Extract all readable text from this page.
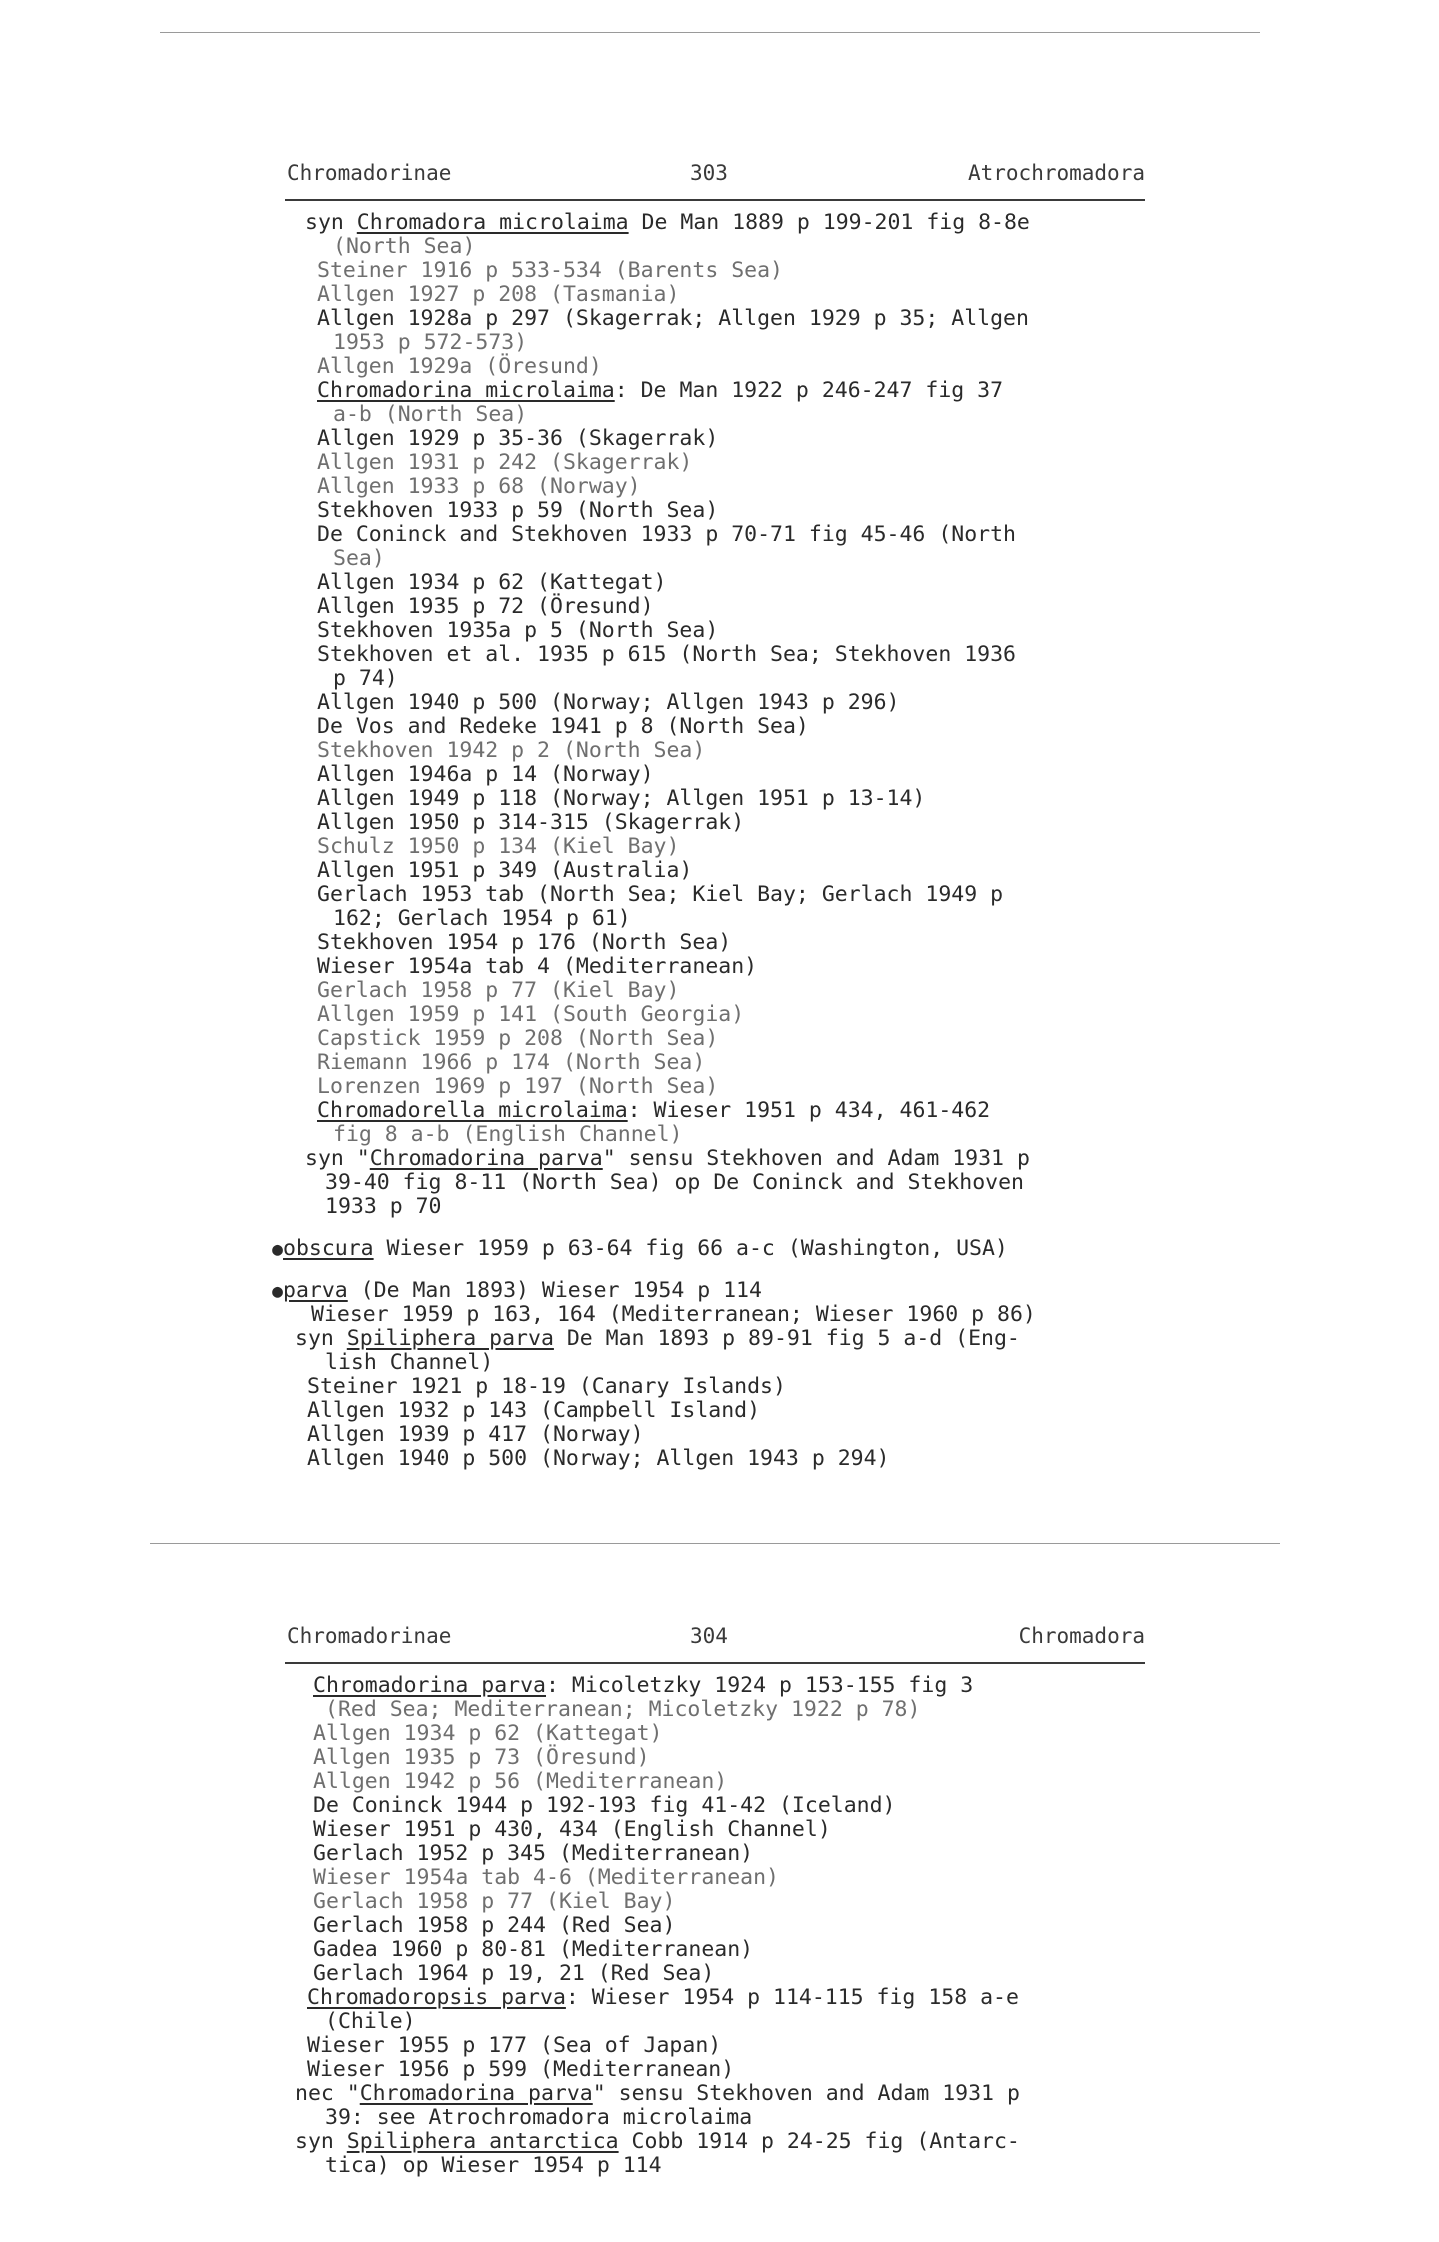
Chromadorinae	303	Atrochromadora
syn Chromadora microlaima De Man 1889 p 199-201 fig 8-8e
(North Sea)
Steiner 1916 p 533-534 (Barents Sea)
Allgen 1927 p 208 (Tasmania)
Allgen 1928a p 297 (Skagerrak; Allgen 1929 p 35; Allgen
1953 p 572-573)
Allgen 1929a (Öresund)
Chromadorina microlaima: De Man 1922 p 246-247 fig 37
a-b (North Sea)
Allgen 1929 p 35-36 (Skagerrak)
Allgen 1931 p 242 (Skagerrak)
Allgen 1933 p 68 (Norway)
Stekhoven 1933 p 59 (North Sea)
De Coninck and Stekhoven 1933 p 70-71 fig 45-46 (North
Sea)
Allgen 1934 p 62 (Kattegat)
Allgen 1935 p 72 (Öresund)
Stekhoven 1935a p 5 (North Sea)
Stekhoven et al. 1935 p 615 (North Sea; Stekhoven 1936
p 74)
Allgen 1940 p 500 (Norway; Allgen 1943 p 296)
De Vos and Redeke 1941 p 8 (North Sea)
Stekhoven 1942 p 2 (North Sea)
Allgen 1946a p 14 (Norway)
Allgen 1949 p 118 (Norway; Allgen 1951 p 13-14)
Allgen 1950 p 314-315 (Skagerrak)
Schulz 1950 p 134 (Kiel Bay)
Allgen 1951 p 349 (Australia)
Gerlach 1953 tab (North Sea; Kiel Bay; Gerlach 1949 p
162; Gerlach 1954 p 61)
Stekhoven 1954 p 176 (North Sea)
Wieser 1954a tab 4 (Mediterranean)
Gerlach 1958 p 77 (Kiel Bay)
Allgen 1959 p 141 (South Georgia)
Capstick 1959 p 208 (North Sea)
Riemann 1966 p 174 (North Sea)
Lorenzen 1969 p 197 (North Sea)
Chromadorella microlaima: Wieser 1951 p 434, 461-462
fig 8 a-b (English Channel)
syn "Chromadorina parva" sensu Stekhoven and Adam 1931 p
39-40 fig 8-11 (North Sea) op De Coninck and Stekhoven
1933 p 70
●obscura Wieser 1959 p 63-64 fig 66 a-c (Washington, USA)
●parva (De Man 1893) Wieser 1954 p 114
Wieser 1959 p 163, 164 (Mediterranean; Wieser 1960 p 86)
syn Spiliphera parva De Man 1893 p 89-91 fig 5 a-d (Eng-
lish Channel)
Steiner 1921 p 18-19 (Canary Islands)
Allgen 1932 p 143 (Campbell Island)
Allgen 1939 p 417 (Norway)
Allgen 1940 p 500 (Norway; Allgen 1943 p 294)
Chromadorinae	304	Chromadora
Chromadorina parva: Micoletzky 1924 p 153-155 fig 3
(Red Sea; Mediterranean; Micoletzky 1922 p 78)
Allgen 1934 p 62 (Kattegat)
Allgen 1935 p 73 (Öresund)
Allgen 1942 p 56 (Mediterranean)
De Coninck 1944 p 192-193 fig 41-42 (Iceland)
Wieser 1951 p 430, 434 (English Channel)
Gerlach 1952 p 345 (Mediterranean)
Wieser 1954a tab 4-6 (Mediterranean)
Gerlach 1958 p 77 (Kiel Bay)
Gerlach 1958 p 244 (Red Sea)
Gadea 1960 p 80-81 (Mediterranean)
Gerlach 1964 p 19, 21 (Red Sea)
Chromadoropsis parva: Wieser 1954 p 114-115 fig 158 a-e
(Chile)
Wieser 1955 p 177 (Sea of Japan)
Wieser 1956 p 599 (Mediterranean)
nec "Chromadorina parva" sensu Stekhoven and Adam 1931 p
39: see Atrochromadora microlaima
syn Spiliphera antarctica Cobb 1914 p 24-25 fig (Antarc-
tica) op Wieser 1954 p 114
